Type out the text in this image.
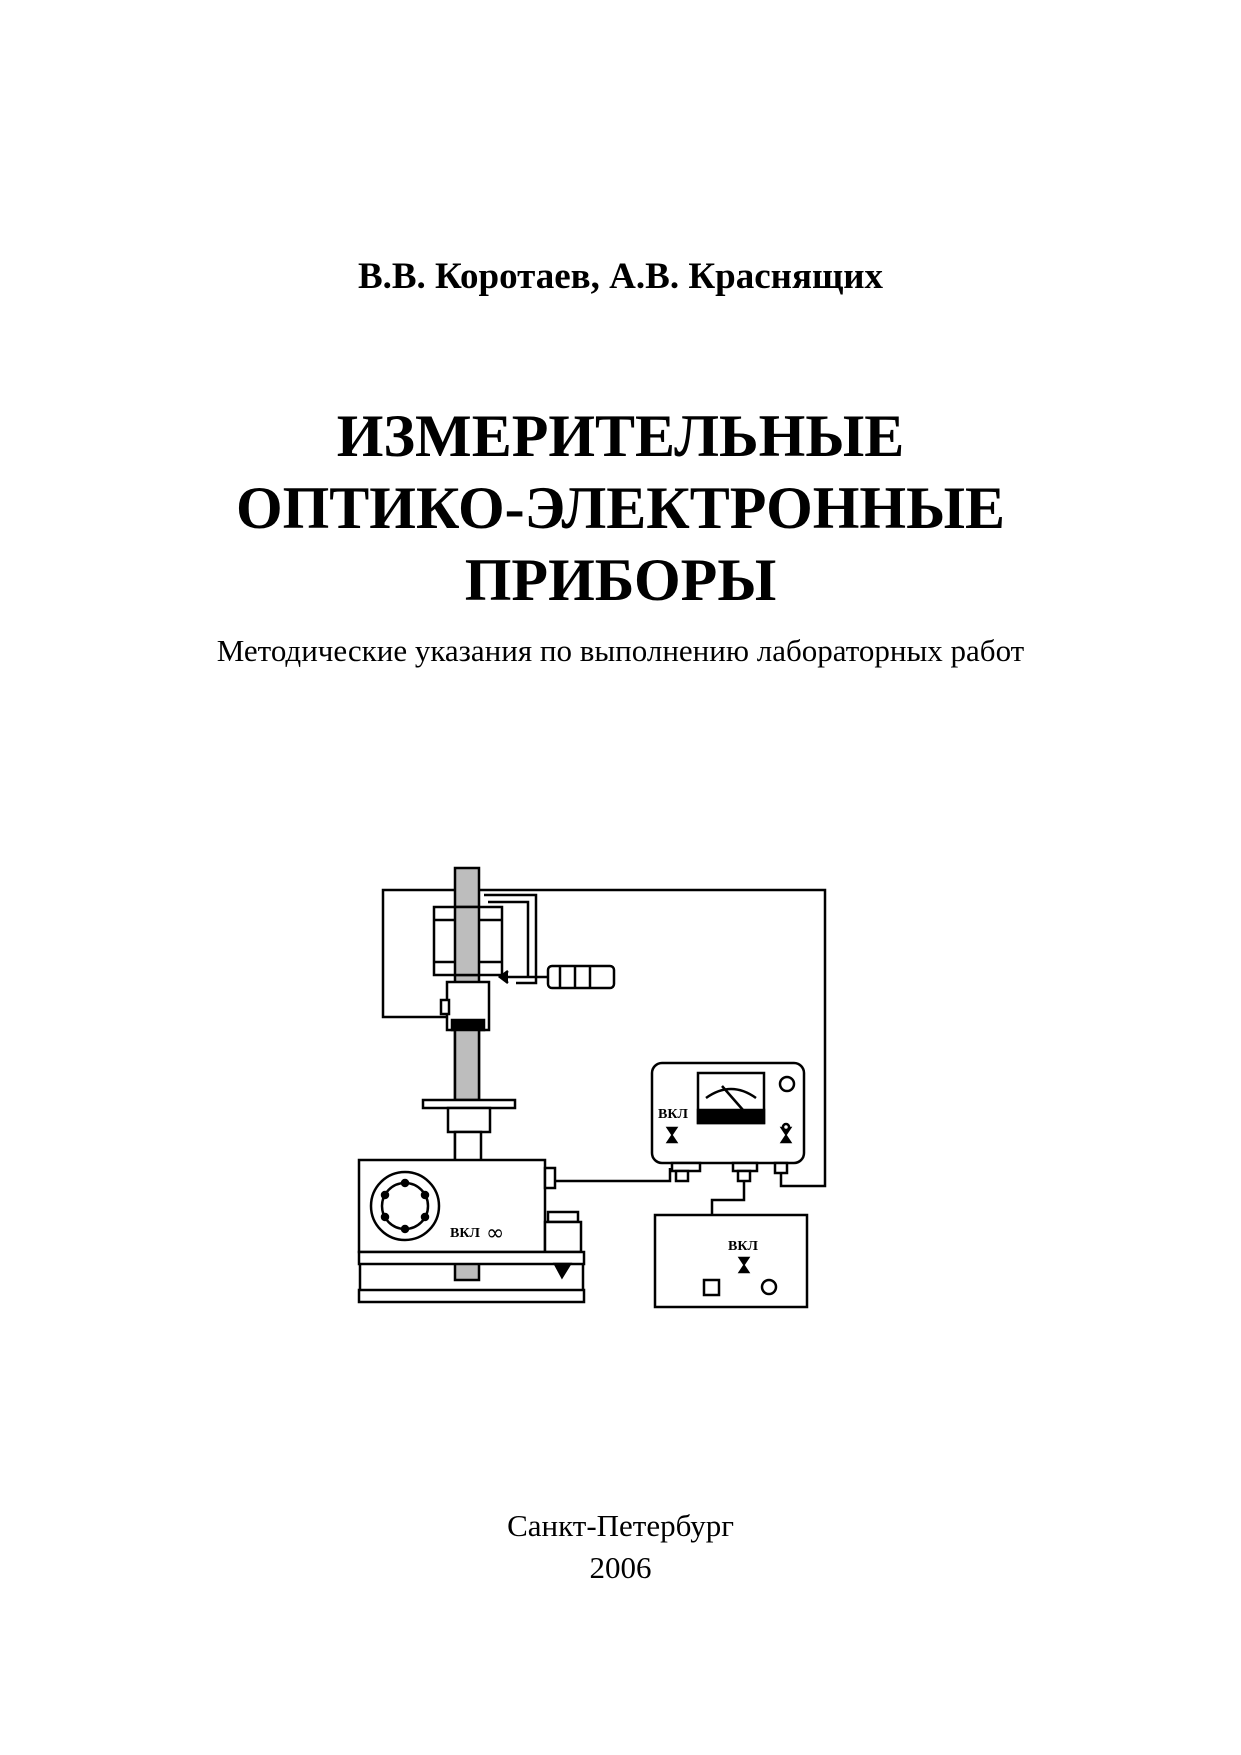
В.В. Коротаев, А.В. Краснящих
ИЗМЕРИТЕЛЬНЫЕ
ОПТИКО-ЭЛЕКТРОННЫЕ
ПРИБОРЫ
Методические указания по выполнению лабораторных работ
ВКЛ ∞
ВКЛ
ВКЛ
Санкт-Петербург
2006
